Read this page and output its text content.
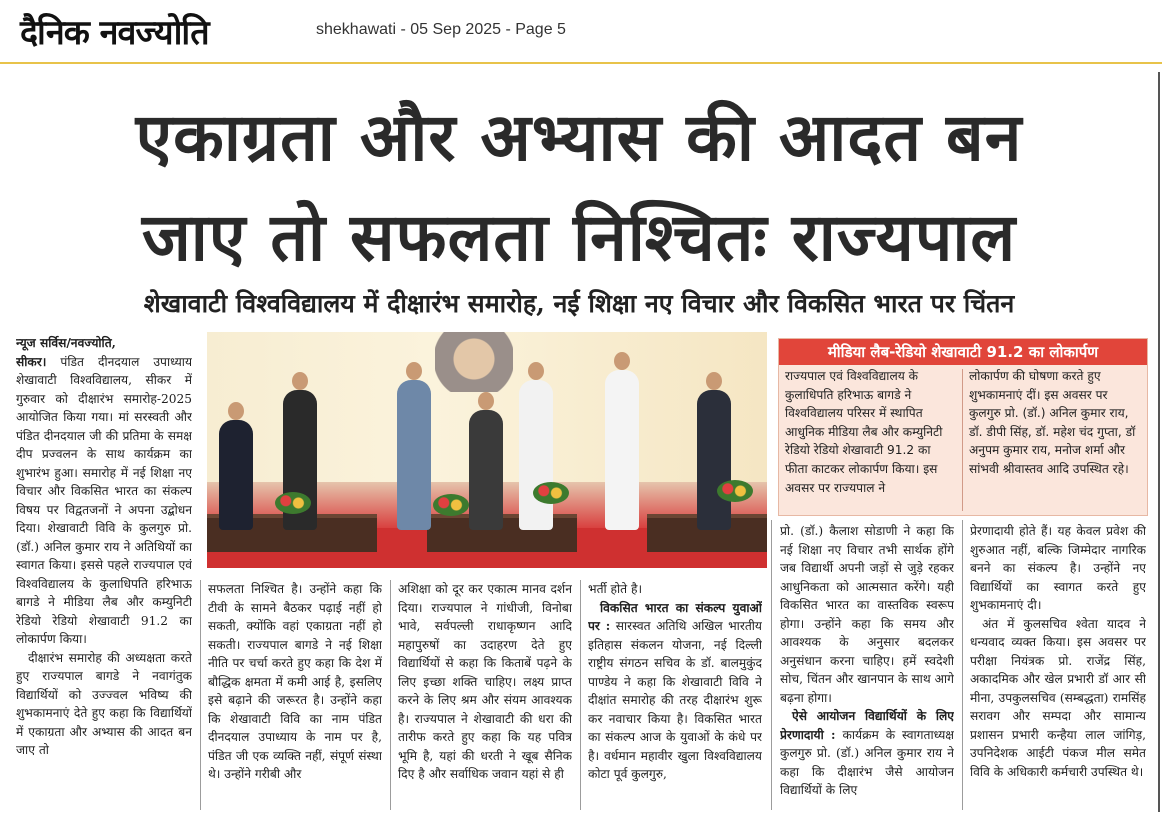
दैनिक नवज्योति	shekhawati - 05 Sep 2025 - Page 5
एकाग्रता और अभ्यास की आदत बन
जाए तो सफलता निश्चितः राज्यपाल
शेखावाटी विश्वविद्यालय में दीक्षारंभ समारोह, नई शिक्षा नए विचार और विकसित भारत पर चिंतन

न्यूज सर्विस/नवज्योति,
सीकर। पंडित दीनदयाल उपाध्याय शेखावाटी विश्वविद्यालय, सीकर में गुरुवार को दीक्षारंभ समारोह-2025 आयोजित किया गया। मां सरस्वती और पंडित दीनदयाल जी की प्रतिमा के समक्ष दीप प्रज्वलन के साथ कार्यक्रम का शुभारंभ हुआ। समारोह में नई शिक्षा नए विचार और विकसित भारत का संकल्प विषय पर विद्वतजनों ने अपना उद्बोधन दिया। शेखावाटी विवि के कुलगुरु प्रो. (डॉ.) अनिल कुमार राय ने अतिथियों का स्वागत किया। इससे पहले राज्यपाल एवं विश्वविद्यालय के कुलाधिपति हरिभाऊ बागडे ने मीडिया लैब और कम्युनिटी रेडियो रेडियो शेखावाटी 91.2 का लोकार्पण किया।

दीक्षारंभ समारोह की अध्यक्षता करते हुए राज्यपाल बागडे ने नवागंतुक विद्यार्थियों को उज्ज्वल भविष्य की शुभकामनाएं देते हुए कहा कि विद्यार्थियों में एकाग्रता और अभ्यास की आदत बन जाए तो

सफलता निश्चित है। उन्होंने कहा कि टीवी के सामने बैठकर पढ़ाई नहीं हो सकती, क्योंकि वहां एकाग्रता नहीं हो सकती। राज्यपाल बागडे ने नई शिक्षा नीति पर चर्चा करते हुए कहा कि देश में बौद्धिक क्षमता में कमी आई है, इसलिए इसे बढ़ाने की जरूरत है। उन्होंने कहा कि शेखावाटी विवि का नाम पंडित दीनदयाल उपाध्याय के नाम पर है, पंडित जी एक व्यक्ति नहीं, संपूर्ण संस्था थे। उन्होंने गरीबी और

अशिक्षा को दूर कर एकात्म मानव दर्शन दिया। राज्यपाल ने गांधीजी, विनोबा भावे, सर्वपल्ली राधाकृष्णन आदि महापुरुषों का उदाहरण देते हुए विद्यार्थियों से कहा कि किताबें पढ़ने के लिए इच्छा शक्ति चाहिए। लक्ष्य प्राप्त करने के लिए श्रम और संयम आवश्यक है। राज्यपाल ने शेखावाटी की धरा की तारीफ करते हुए कहा कि यह पवित्र भूमि है, यहां की धरती ने खूब सैनिक दिए है और सर्वाधिक जवान यहां से ही

भर्ती होते है।

विकसित भारत का संकल्प युवाओं पर : सारस्वत अतिथि अखिल भारतीय इतिहास संकलन योजना, नई दिल्ली राष्ट्रीय संगठन सचिव के डॉ. बालमुकुंद पाण्डेय ने कहा कि शेखावाटी विवि ने दीक्षांत समारोह की तरह दीक्षारंभ शुरू कर नवाचार किया है। विकसित भारत का संकल्प आज के युवाओं के कंधे पर है। वर्धमान महावीर खुला विश्वविद्यालय कोटा पूर्व कुलगुरु,

मीडिया लैब-रेडियो शेखावाटी 91.2 का लोकार्पण
राज्यपाल एवं विश्वविद्यालय के कुलाधिपति हरिभाऊ बागडे ने विश्वविद्यालय परिसर में स्थापित आधुनिक मीडिया लैब और कम्युनिटी रेडियो रेडियो शेखावाटी 91.2 का फीता काटकर लोकार्पण किया। इस अवसर पर राज्यपाल ने
लोकार्पण की घोषणा करते हुए शुभकामनाएं दीं। इस अवसर पर कुलगुरु प्रो. (डॉ.) अनिल कुमार राय, डॉ. डीपी सिंह, डॉ. महेश चंद गुप्ता, डॉ अनुपम कुमार राय, मनोज शर्मा और सांभवी श्रीवास्तव आदि उपस्थित रहे।

प्रो. (डॉ.) कैलाश सोडाणी ने कहा कि नई शिक्षा नए विचार तभी सार्थक होंगे जब विद्यार्थी अपनी जड़ों से जुड़े रहकर आधुनिकता को आत्मसात करेंगे। यही विकसित भारत का वास्तविक स्वरूप होगा। उन्होंने कहा कि समय और आवश्यक के अनुसार बदलकर अनुसंधान करना चाहिए। हमें स्वदेशी सोच, चिंतन और खानपान के साथ आगे बढ़ना होगा।

ऐसे आयोजन विद्यार्थियों के लिए प्रेरणादायी : कार्यक्रम के स्वागताध्यक्ष कुलगुरु प्रो. (डॉ.) अनिल कुमार राय ने कहा कि दीक्षारंभ जैसे आयोजन विद्यार्थियों के लिए

प्रेरणादायी होते हैं। यह केवल प्रवेश की शुरुआत नहीं, बल्कि जिम्मेदार नागरिक बनने का संकल्प है। उन्होंने नए विद्यार्थियों का स्वागत करते हुए शुभकामनाएं दी।

अंत में कुलसचिव श्वेता यादव ने धन्यवाद व्यक्त किया। इस अवसर पर परीक्षा नियंत्रक प्रो. राजेंद्र सिंह, अकादमिक और खेल प्रभारी डॉ आर सी मीना, उपकुलसचिव (सम्बद्धता) रामसिंह सरावग और सम्पदा और सामान्य प्रशासन प्रभारी कन्हैया लाल जांगिड़, उपनिदेशक आईटी पंकज मील समेत विवि के अधिकारी कर्मचारी उपस्थित थे।
